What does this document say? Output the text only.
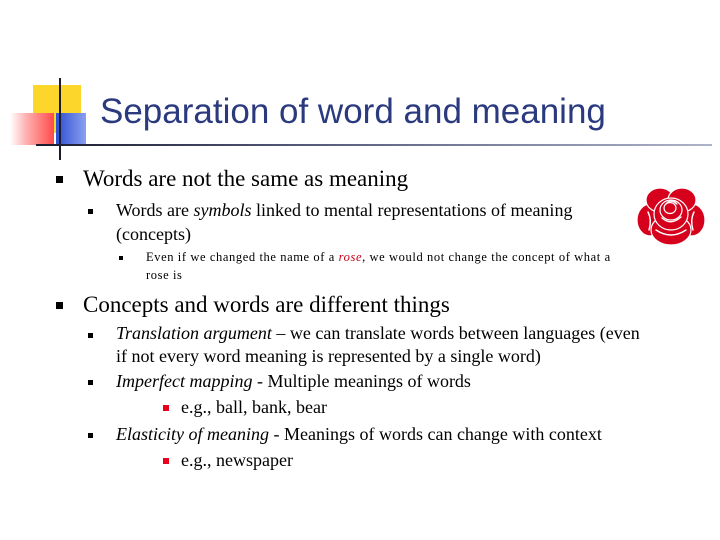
Separation of word and meaning
Words are not the same as meaning
Words are symbols linked to mental representations of meaning
(concepts)
Even if we changed the name of a rose, we would not change the concept of what a
rose is
Concepts and words are different things
Translation argument – we can translate words between languages (even
if not every word meaning is represented by a single word)
Imperfect mapping - Multiple meanings of words
e.g., ball, bank, bear
Elasticity of meaning - Meanings of words can change with context
e.g., newspaper
